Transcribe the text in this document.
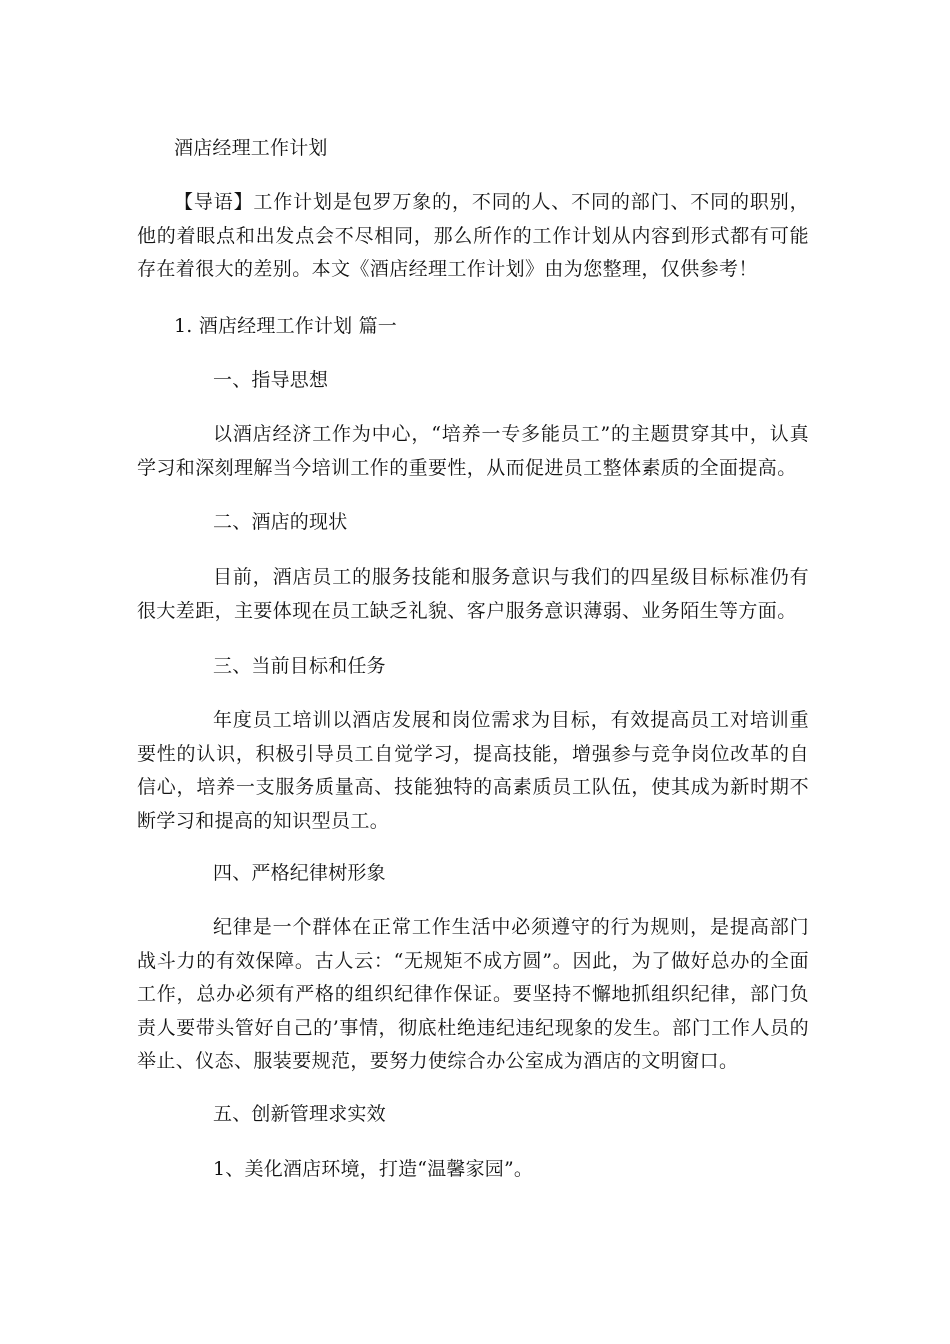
酒店经理工作计划
【导语】工作计划是包罗万象的，不同的人、不同的部门、不同的职别，他的着眼点和出发点会不尽相同，那么所作的工作计划从内容到形式都有可能存在着很大的差别。本文《酒店经理工作计划》由为您整理，仅供参考！
1. 酒店经理工作计划 篇一
一、指导思想
以酒店经济工作为中心，“培养一专多能员工”的主题贯穿其中，认真学习和深刻理解当今培训工作的重要性，从而促进员工整体素质的全面提高。
二、酒店的现状
目前，酒店员工的服务技能和服务意识与我们的四星级目标标准仍有很大差距，主要体现在员工缺乏礼貌、客户服务意识薄弱、业务陌生等方面。
三、当前目标和任务
年度员工培训以酒店发展和岗位需求为目标，有效提高员工对培训重要性的认识，积极引导员工自觉学习，提高技能，增强参与竞争岗位改革的自信心，培养一支服务质量高、技能独特的高素质员工队伍，使其成为新时期不断学习和提高的知识型员工。
四、严格纪律树形象
纪律是一个群体在正常工作生活中必须遵守的行为规则，是提高部门战斗力的有效保障。古人云：“无规矩不成方圆”。因此，为了做好总办的全面工作，总办必须有严格的组织纪律作保证。要坚持不懈地抓组织纪律，部门负责人要带头管好自己的’事情，彻底杜绝违纪违纪现象的发生。部门工作人员的举止、仪态、服装要规范，要努力使综合办公室成为酒店的文明窗口。
五、创新管理求实效
1、美化酒店环境，打造“温馨家园”。
